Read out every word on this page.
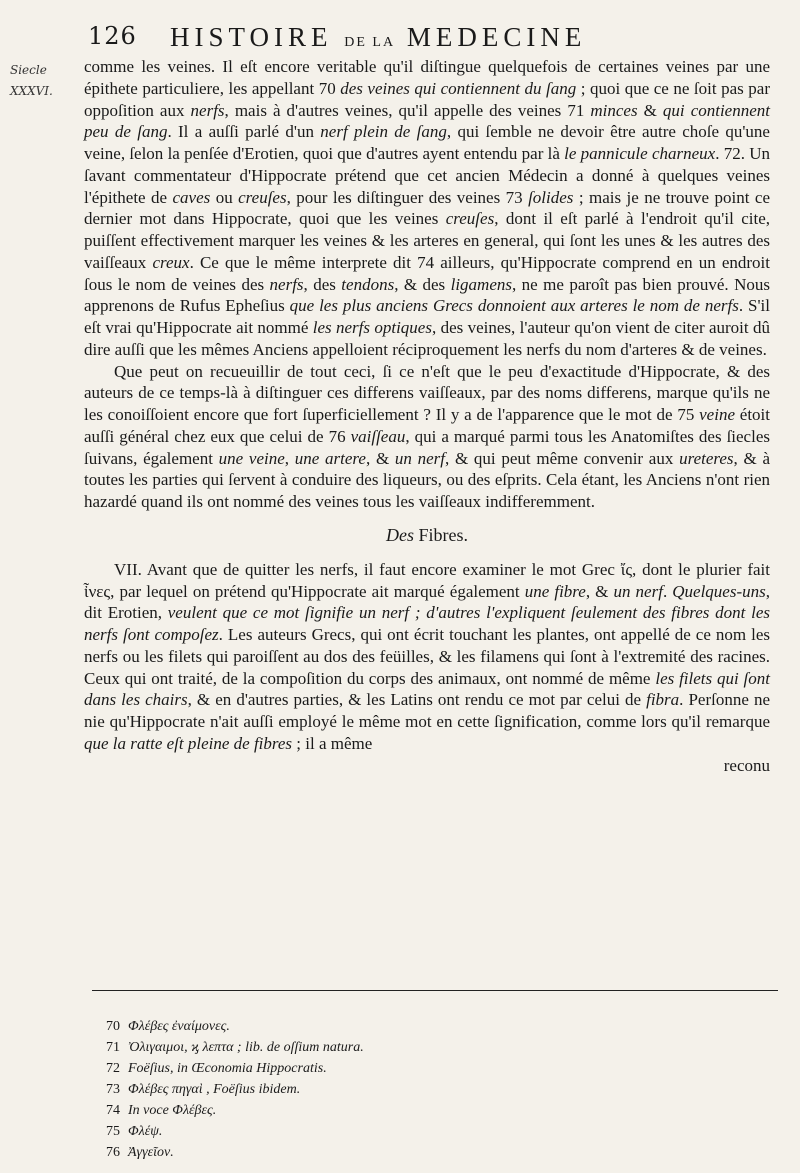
126 HISTOIRE DE LA MEDECINE
Siecle
XXXVI.

comme les veines. Il eſt encore veritable qu'il diſtingue quelquefois de certaines veines par une épithete particuliere, les appellant 70 des veines qui contiennent du ſang ; quoi que ce ne ſoit pas par oppoſition aux nerfs, mais à d'autres veines, qu'il appelle des veines 71 minces & qui contiennent peu de ſang. Il a auſſi parlé d'un nerf plein de ſang, qui ſemble ne devoir être autre choſe qu'une veine, ſelon la penſée d'Erotien, quoi que d'autres ayent entendu par là le pannicule charneux. 72. Un ſavant commentateur d'Hippocrate prétend que cet ancien Médecin a donné à quelques veines l'épithete de caves ou creuſes, pour les diſtinguer des veines 73 ſolides ; mais je ne trouve point ce dernier mot dans Hippocrate, quoi que les veines creuſes, dont il eſt parlé à l'endroit qu'il cite, puiſſent effectivement marquer les veines & les arteres en general, qui ſont les unes & les autres des vaiſſeaux creux. Ce que le même interprete dit 74 ailleurs, qu'Hippocrate comprend en un endroit ſous le nom de veines des nerfs, des tendons, & des ligamens, ne me paroît pas bien prouvé. Nous apprenons de Rufus Epheſius que les plus anciens Grecs donnoient aux arteres le nom de nerfs. S'il eſt vrai qu'Hippocrate ait nommé les nerfs optiques, des veines, l'auteur qu'on vient de citer auroit dû dire auſſi que les mêmes Anciens appelloient réciproquement les nerfs du nom d'arteres & de veines.

Que peut on recueuillir de tout ceci, ſi ce n'eſt que le peu d'exactitude d'Hippocrate, & des auteurs de ce temps-là à diſtinguer ces differens vaiſſeaux, par des noms differens, marque qu'ils ne les conoiſſoient encore que fort ſuperficiellement ? Il y a de l'apparence que le mot de 75 veine étoit auſſi général chez eux que celui de 76 vaiſſeau, qui a marqué parmi tous les Anatomiſtes des ſiecles ſuivans, également une veine, une artere, & un nerf, & qui peut même convenir aux ureteres, & à toutes les parties qui ſervent à conduire des liqueurs, ou des eſprits. Cela étant, les Anciens n'ont rien hazardé quand ils ont nommé des veines tous les vaiſſeaux indifferemment.

Des Fibres.

VII. Avant que de quitter les nerfs, il faut encore examiner le mot Grec ἴς, dont le plurier fait ἶνες, par lequel on prétend qu'Hippocrate ait marqué également une fibre, & un nerf. Quelques-uns, dit Erotien, veulent que ce mot ſignifie un nerf ; d'autres l'expliquent ſeulement des fibres dont les nerfs ſont compoſez. Les auteurs Grecs, qui ont écrit touchant les plantes, ont appellé de ce nom les nerfs ou les filets qui paroiſſent au dos des feüilles, & les filamens qui ſont à l'extremité des racines. Ceux qui ont traité, de la compoſition du corps des animaux, ont nommé de même les filets qui ſont dans les chairs, & en d'autres parties, & les Latins ont rendu ce mot par celui de fibra. Perſonne ne nie qu'Hippocrate n'ait auſſi employé le même mot en cette ſignification, comme lors qu'il remarque que la ratte eſt pleine de fibres ; il a même

reconu
70 Φλέβες ἐναίμονες.
71 Ὀλιγαιμοι, ϗ λεπτα ; lib. de oſſium natura.
72 Foëſius, in Œconomia Hippocratis.
73 Φλέβες πηγαὶ , Foëſius ibidem.
74 In voce Φλέβες.
75 Φλέψ.
76 Ἀγγεῖον.
